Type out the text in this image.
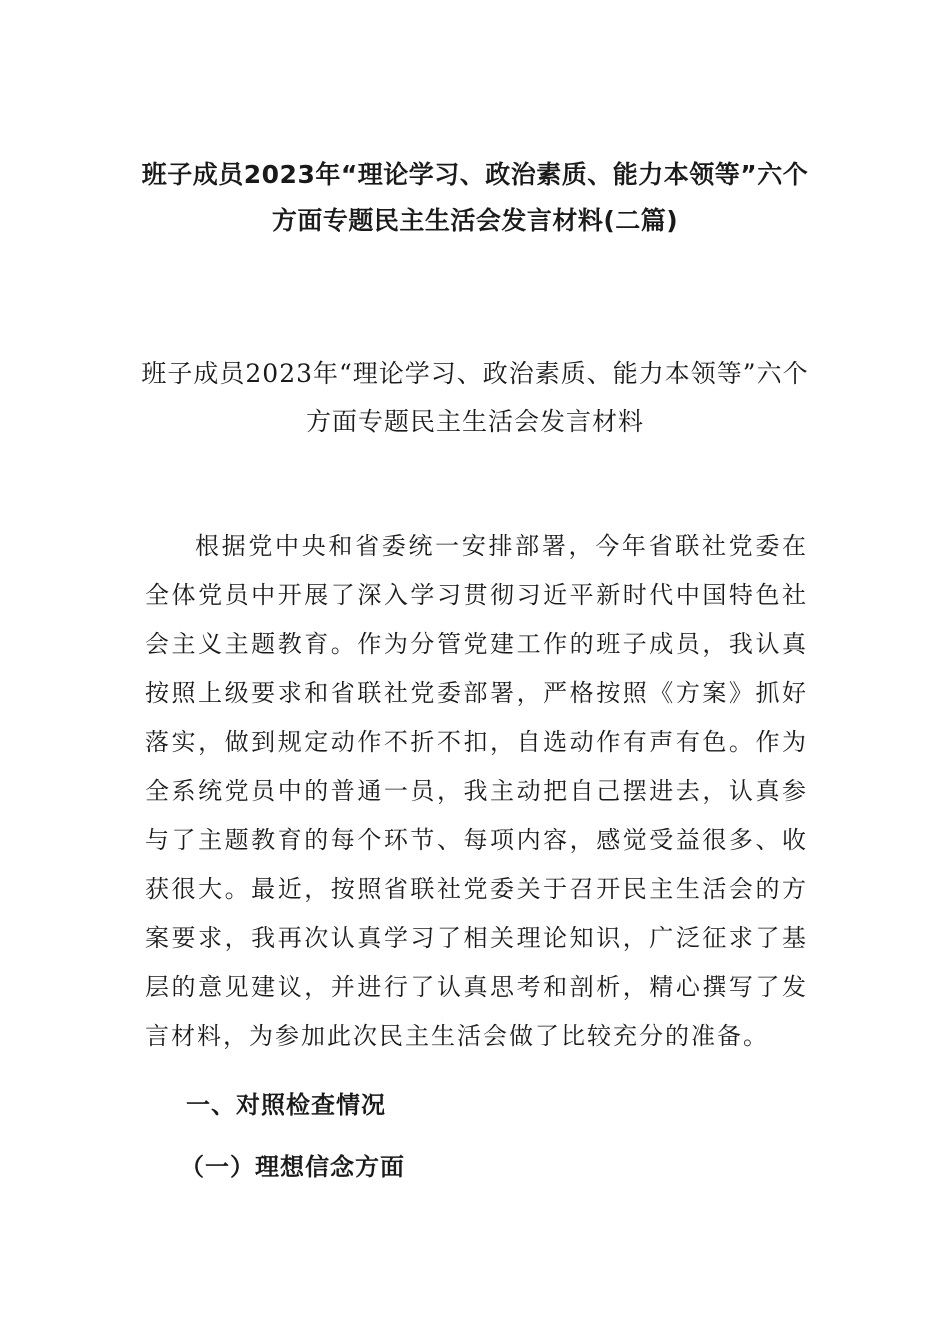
班子成员2023年“理论学习、政治素质、能力本领等”六个方面专题民主生活会发言材料(二篇)
班子成员2023年“理论学习、政治素质、能力本领等”六个方面专题民主生活会发言材料

根据党中央和省委统一安排部署，今年省联社党委在全体党员中开展了深入学习贯彻习近平新时代中国特色社会主义主题教育。作为分管党建工作的班子成员，我认真按照上级要求和省联社党委部署，严格按照《方案》抓好落实，做到规定动作不折不扣，自选动作有声有色。作为全系统党员中的普通一员，我主动把自己摆进去，认真参与了主题教育的每个环节、每项内容，感觉受益很多、收获很大。最近，按照省联社党委关于召开民主生活会的方案要求，我再次认真学习了相关理论知识，广泛征求了基层的意见建议，并进行了认真思考和剖析，精心撰写了发言材料，为参加此次民主生活会做了比较充分的准备。

一、对照检查情况
（一）理想信念方面
